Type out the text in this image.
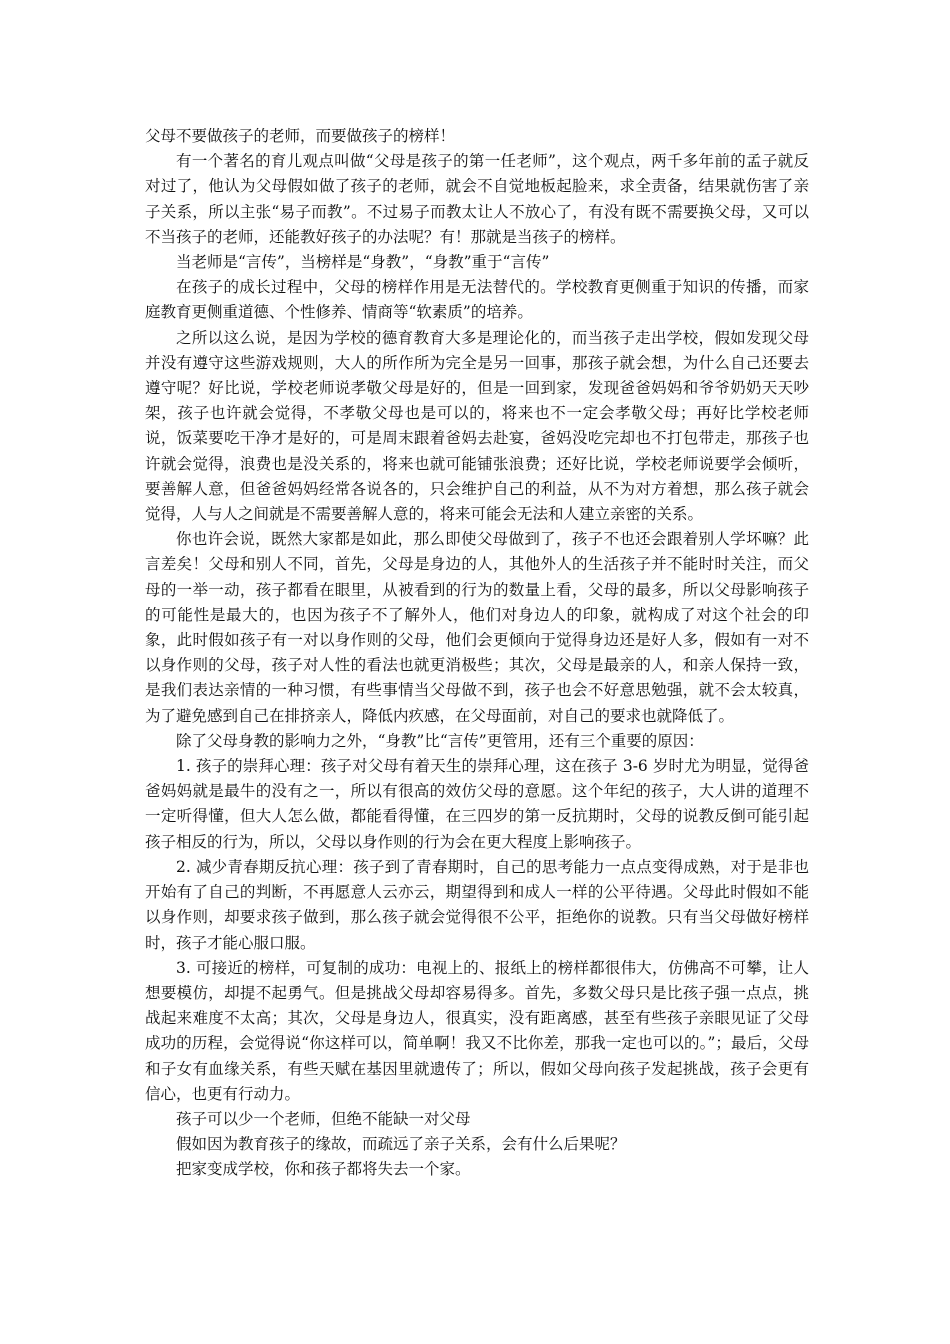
父母不要做孩子的老师，而要做孩子的榜样！

有一个著名的育儿观点叫做“父母是孩子的第一任老师”，这个观点，两千多年前的孟子就反对过了，他认为父母假如做了孩子的老师，就会不自觉地板起脸来，求全责备，结果就伤害了亲子关系，所以主张“易子而教”。不过易子而教太让人不放心了，有没有既不需要换父母，又可以不当孩子的老师，还能教好孩子的办法呢？有！那就是当孩子的榜样。

当老师是“言传”，当榜样是“身教”，“身教”重于“言传”

在孩子的成长过程中，父母的榜样作用是无法替代的。学校教育更侧重于知识的传播，而家庭教育更侧重道德、个性修养、情商等“软素质”的培养。

之所以这么说，是因为学校的德育教育大多是理论化的，而当孩子走出学校，假如发现父母并没有遵守这些游戏规则，大人的所作所为完全是另一回事，那孩子就会想，为什么自己还要去遵守呢？好比说，学校老师说孝敬父母是好的，但是一回到家，发现爸爸妈妈和爷爷奶奶天天吵架，孩子也许就会觉得，不孝敬父母也是可以的，将来也不一定会孝敬父母；再好比学校老师说，饭菜要吃干净才是好的，可是周末跟着爸妈去赴宴，爸妈没吃完却也不打包带走，那孩子也许就会觉得，浪费也是没关系的，将来也就可能铺张浪费；还好比说，学校老师说要学会倾听，要善解人意，但爸爸妈妈经常各说各的，只会维护自己的利益，从不为对方着想，那么孩子就会觉得，人与人之间就是不需要善解人意的，将来可能会无法和人建立亲密的关系。

你也许会说，既然大家都是如此，那么即使父母做到了，孩子不也还会跟着别人学坏嘛？此言差矣！父母和别人不同，首先，父母是身边的人，其他外人的生活孩子并不能时时关注，而父母的一举一动，孩子都看在眼里，从被看到的行为的数量上看，父母的最多，所以父母影响孩子的可能性是最大的，也因为孩子不了解外人，他们对身边人的印象，就构成了对这个社会的印象，此时假如孩子有一对以身作则的父母，他们会更倾向于觉得身边还是好人多，假如有一对不以身作则的父母，孩子对人性的看法也就更消极些；其次，父母是最亲的人，和亲人保持一致，是我们表达亲情的一种习惯，有些事情当父母做不到，孩子也会不好意思勉强，就不会太较真，为了避免感到自己在排挤亲人，降低内疚感，在父母面前，对自己的要求也就降低了。

除了父母身教的影响力之外，“身教”比“言传”更管用，还有三个重要的原因：

1. 孩子的崇拜心理：孩子对父母有着天生的崇拜心理，这在孩子 3-6 岁时尤为明显，觉得爸爸妈妈就是最牛的没有之一，所以有很高的效仿父母的意愿。这个年纪的孩子，大人讲的道理不一定听得懂，但大人怎么做，都能看得懂，在三四岁的第一反抗期时，父母的说教反倒可能引起孩子相反的行为，所以，父母以身作则的行为会在更大程度上影响孩子。

2. 减少青春期反抗心理：孩子到了青春期时，自己的思考能力一点点变得成熟，对于是非也开始有了自己的判断，不再愿意人云亦云，期望得到和成人一样的公平待遇。父母此时假如不能以身作则，却要求孩子做到，那么孩子就会觉得很不公平，拒绝你的说教。只有当父母做好榜样时，孩子才能心服口服。

3. 可接近的榜样，可复制的成功：电视上的、报纸上的榜样都很伟大，仿佛高不可攀，让人想要模仿，却提不起勇气。但是挑战父母却容易得多。首先，多数父母只是比孩子强一点点，挑战起来难度不太高；其次，父母是身边人，很真实，没有距离感，甚至有些孩子亲眼见证了父母成功的历程，会觉得说“你这样可以，简单啊！我又不比你差，那我一定也可以的。”；最后，父母和子女有血缘关系，有些天赋在基因里就遗传了；所以，假如父母向孩子发起挑战，孩子会更有信心，也更有行动力。

孩子可以少一个老师，但绝不能缺一对父母

假如因为教育孩子的缘故，而疏远了亲子关系，会有什么后果呢？

把家变成学校，你和孩子都将失去一个家。
